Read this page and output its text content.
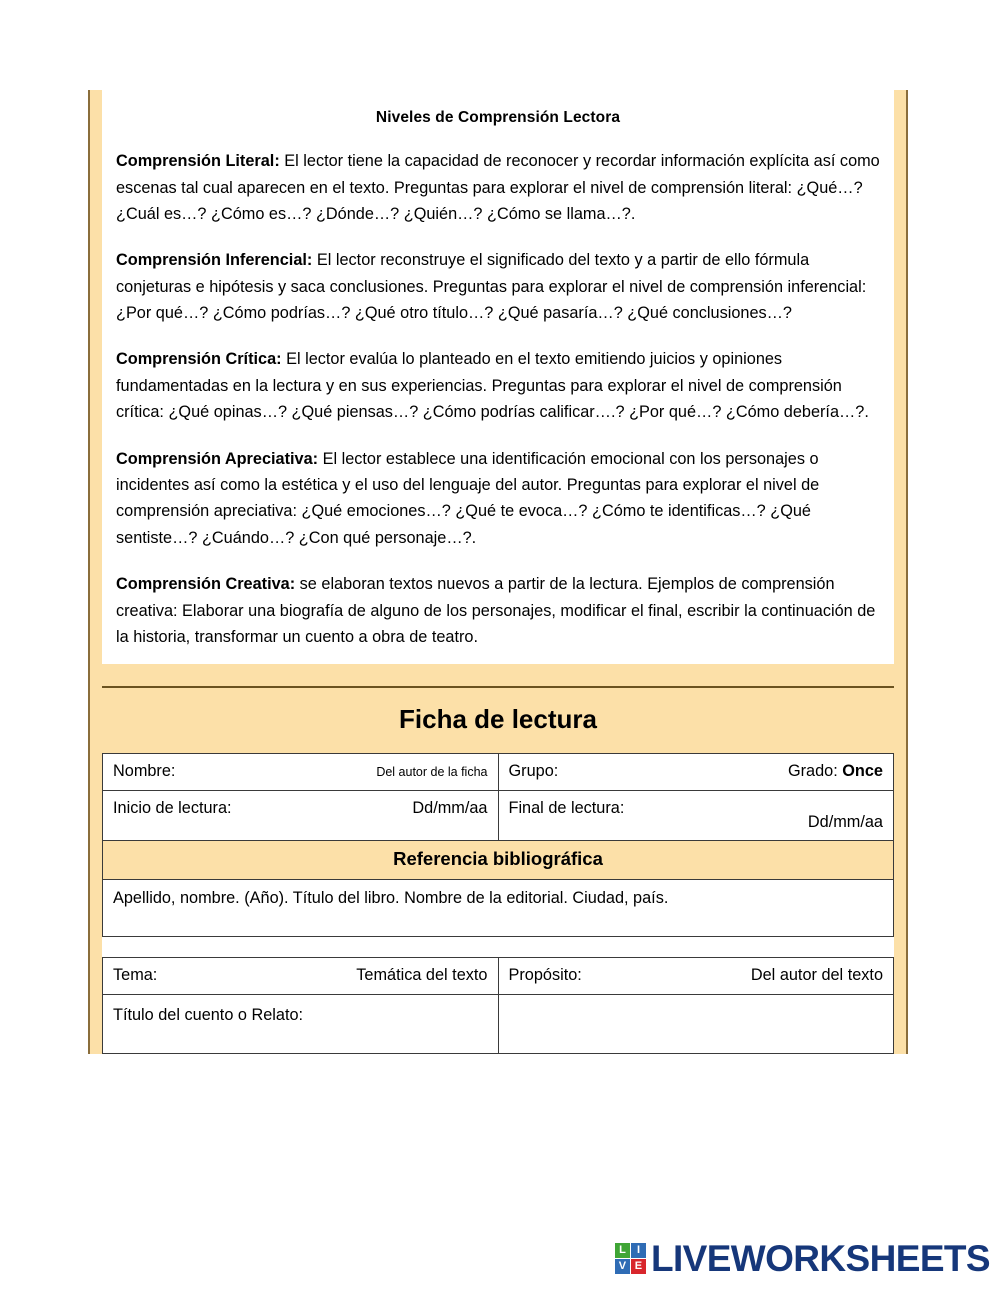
Niveles de Comprensión Lectora

Comprensión Literal: El lector tiene la capacidad de reconocer y recordar información explícita así como escenas tal cual aparecen en el texto. Preguntas para explorar el nivel de comprensión literal: ¿Qué…? ¿Cuál es…? ¿Cómo es…? ¿Dónde…? ¿Quién…? ¿Cómo se llama…?.

Comprensión Inferencial: El lector reconstruye el significado del texto y a partir de ello fórmula conjeturas e hipótesis y saca conclusiones. Preguntas para explorar el nivel de comprensión inferencial: ¿Por qué…? ¿Cómo podrías…? ¿Qué otro título…? ¿Qué pasaría…? ¿Qué conclusiones…?

Comprensión Crítica: El lector evalúa lo planteado en el texto emitiendo juicios y opiniones fundamentadas en la lectura y en sus experiencias. Preguntas para explorar el nivel de comprensión crítica: ¿Qué opinas…? ¿Qué piensas…? ¿Cómo podrías calificar….? ¿Por qué…? ¿Cómo debería…?.

Comprensión Apreciativa: El lector establece una identificación emocional con los personajes o incidentes así como la estética y el uso del lenguaje del autor. Preguntas para explorar el nivel de comprensión apreciativa: ¿Qué emociones…? ¿Qué te evoca…? ¿Cómo te identificas…? ¿Qué sentiste…? ¿Cuándo…? ¿Con qué personaje…?.

Comprensión Creativa: se elaboran textos nuevos a partir de la lectura. Ejemplos de comprensión creativa: Elaborar una biografía de alguno de los personajes, modificar el final, escribir la continuación de la historia, transformar un cuento a obra de teatro.

Ficha de lectura
Nombre: Del autor de la ficha	Grupo: Grado: Once

Inicio de lectura: Dd/mm/aa	Final de lectura:
Dd/mm/aa

Referencia bibliográfica	

Apellido, nombre. (Año). Título del libro. Nombre de la editorial. Ciudad, país.	

Tema: Temática del texto	Propósito: Del autor del texto

Título del cuento o Relato:	

L	I
V E LIVEWORKSHEETS
